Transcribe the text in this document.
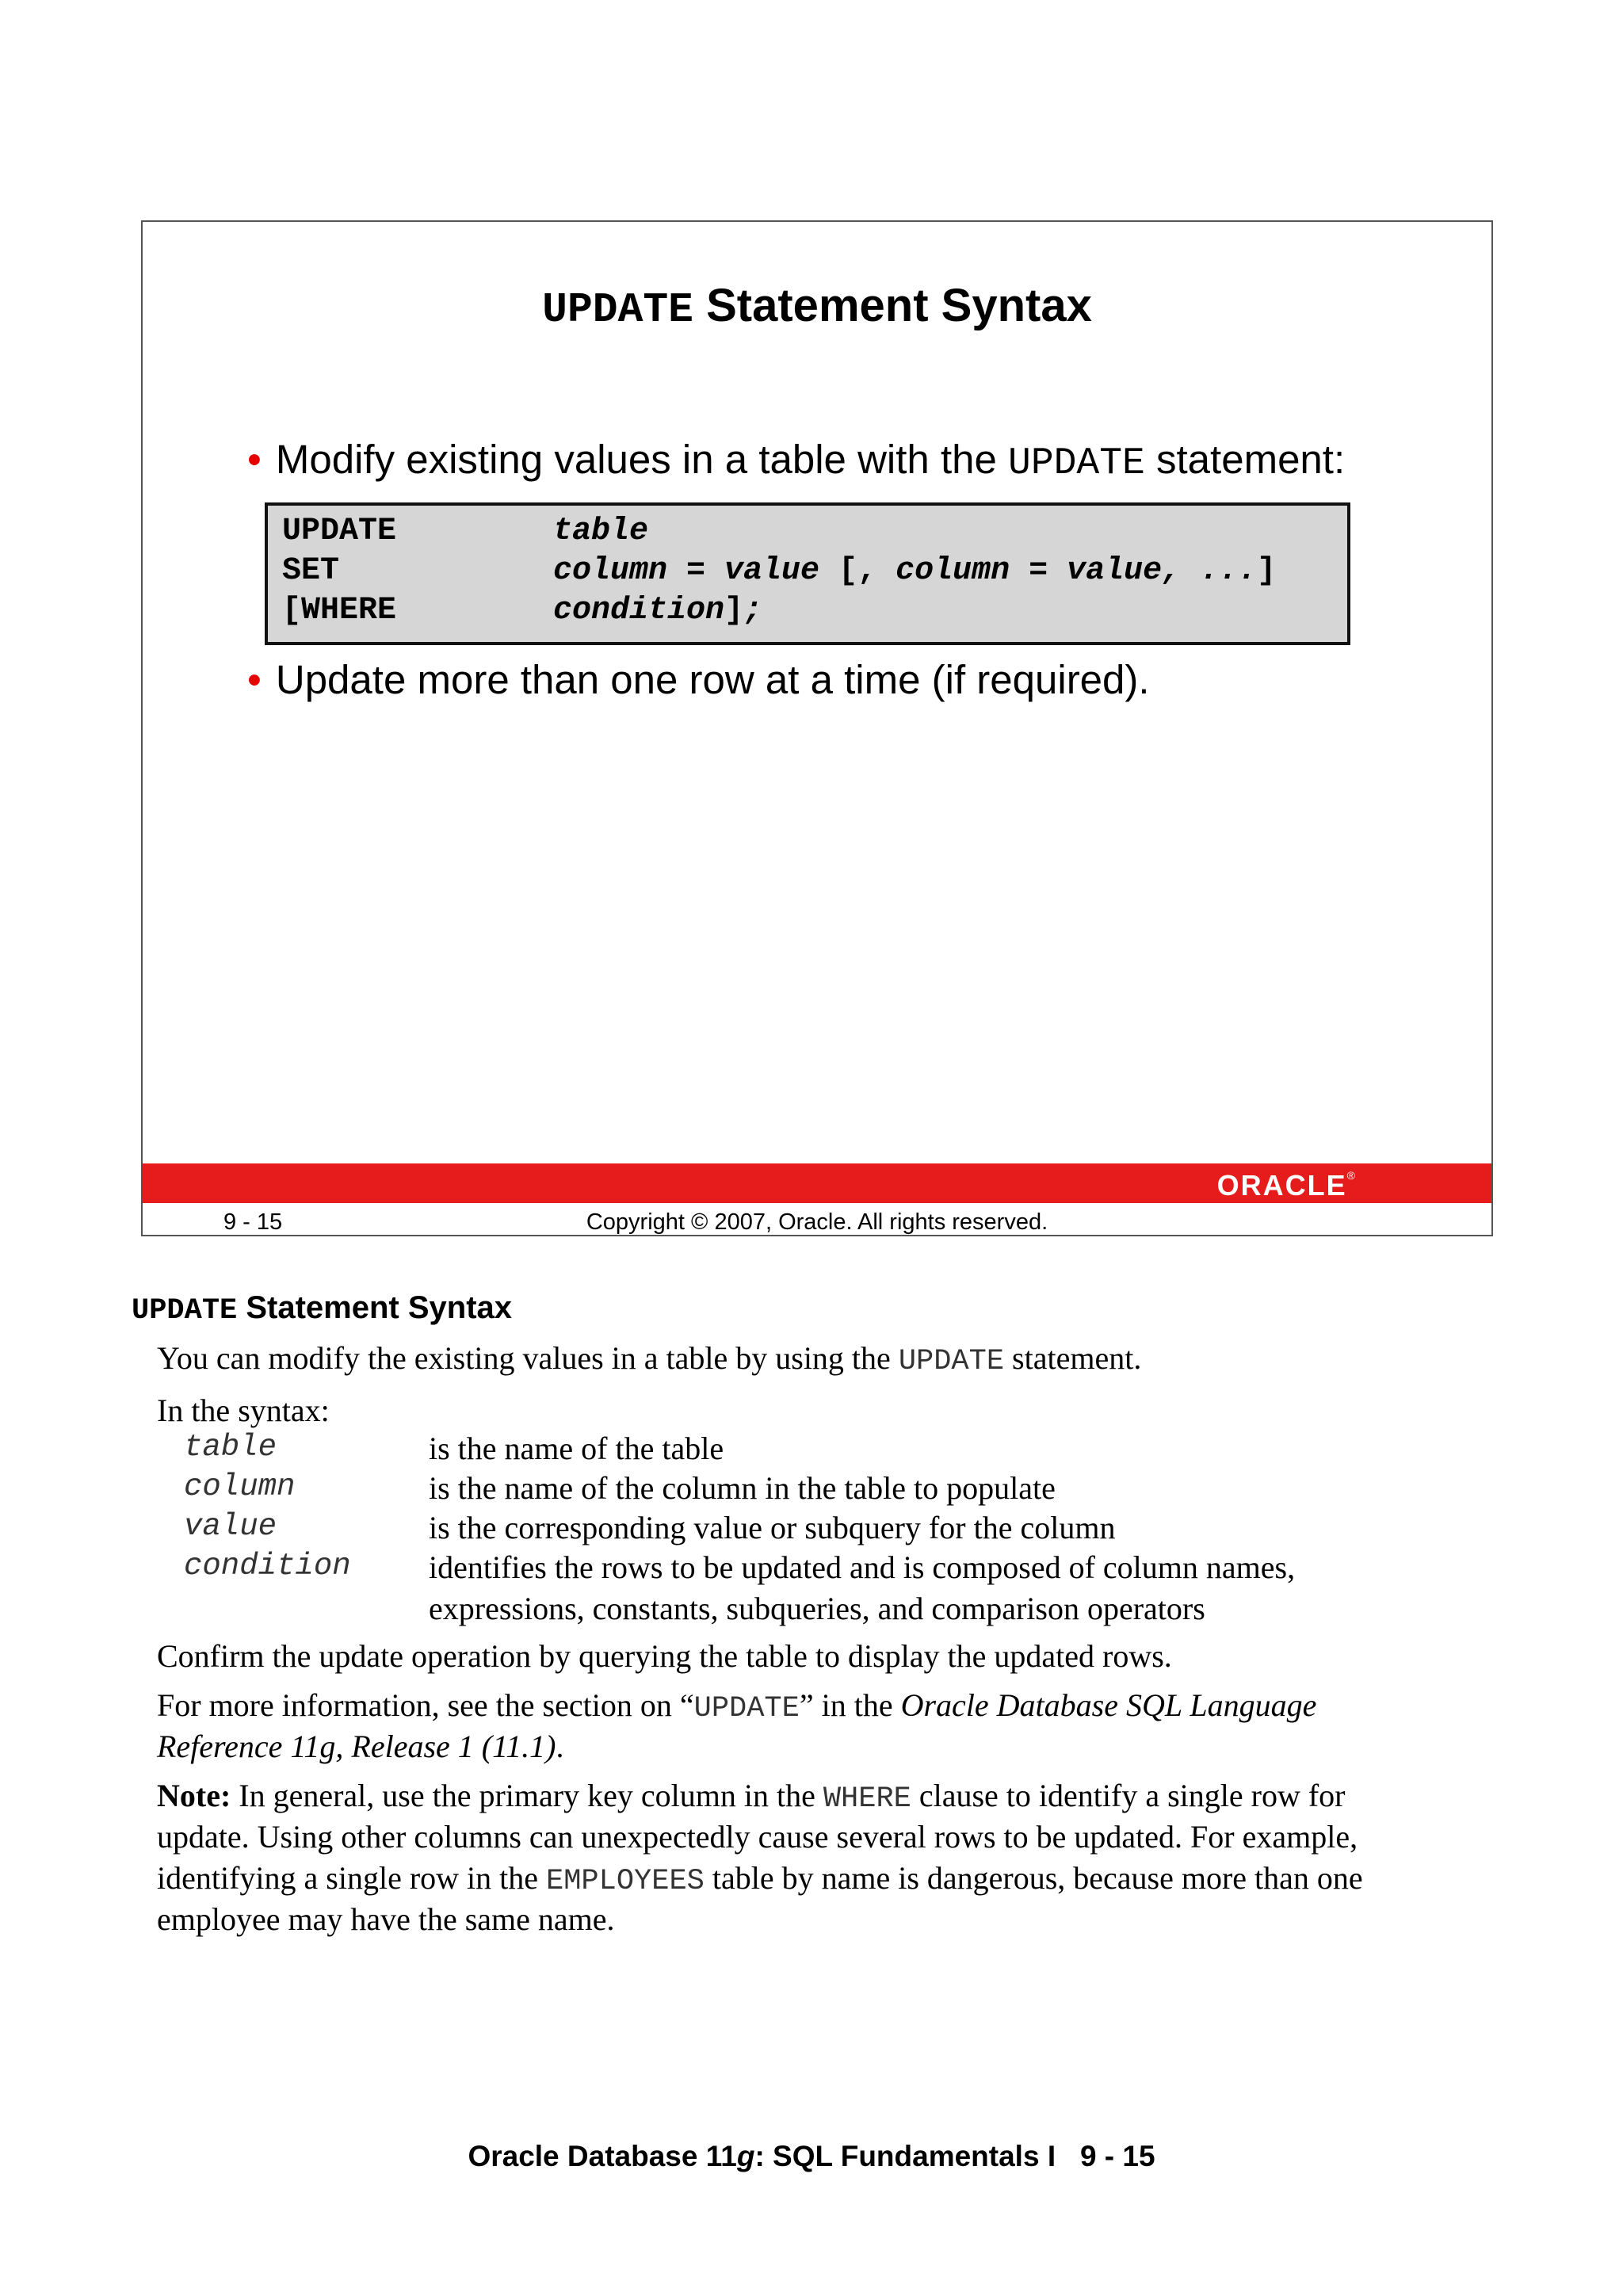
UPDATE Statement Syntax
• Modify existing values in a table with the UPDATE statement:
UPDATE	table
SET	column = value [, column = value, ...]
[WHERE	condition];
• Update more than one row at a time (if required).
ORACLE®
9 - 15	Copyright © 2007, Oracle. All rights reserved.
UPDATE Statement Syntax
You can modify the existing values in a table by using the UPDATE statement.
In the syntax:
table	is the name of the table
column	is the name of the column in the table to populate
value	is the corresponding value or subquery for the column
condition identifies the rows to be updated and is composed of column names,
expressions, constants, subqueries, and comparison operators
Confirm the update operation by querying the table to display the updated rows.
For more information, see the section on “UPDATE” in the Oracle Database SQL Language
Reference 11g, Release 1 (11.1).
Note: In general, use the primary key column in the WHERE clause to identify a single row for
update. Using other columns can unexpectedly cause several rows to be updated. For example,
identifying a single row in the EMPLOYEES table by name is dangerous, because more than one
employee may have the same name.
Oracle Database 11g: SQL Fundamentals I   9 - 15
